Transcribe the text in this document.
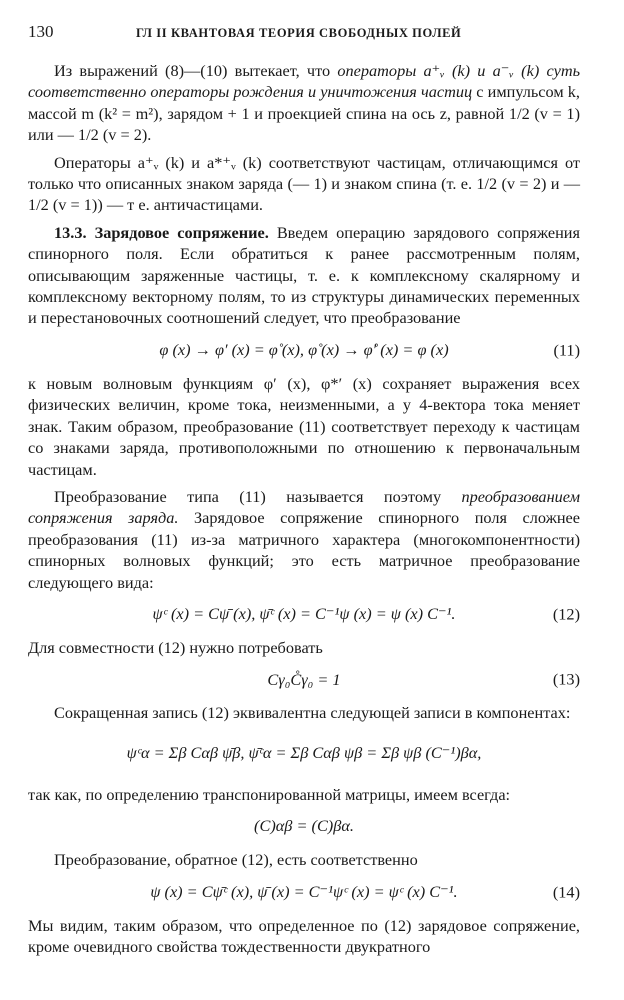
130	ГЛ II КВАНТОВАЯ ТЕОРИЯ СВОБОДНЫХ ПОЛЕЙ

Из выражений (8)—(10) вытекает, что операторы a⁺ᵥ (k) и a⁻ᵥ (k) суть соответственно операторы рождения и уничтожения частиц с импульсом k, массой m (k² = m²), зарядом + 1 и проекцией спина на ось z, равной 1/2 (v = 1) или — 1/2 (v = 2).

Операторы a⁺ᵥ (k) и a*⁺ᵥ (k) соответствуют частицам, отличающимся от только что описанных знаком заряда (— 1) и знаком спина (т. е. 1/2 (v = 2) и — 1/2 (v = 1)) — т е. античастицами.

13.3. Зарядовое сопряжение. Введем операцию зарядового сопряжения спинорного поля. Если обратиться к ранее рассмотренным полям, описывающим заряженные частицы, т. е. к комплексному скалярному и комплексному векторному полям, то из структуры динамических переменных и перестановочных соотношений следует, что преобразование

φ (x) → φ′ (x) = φ̊ (x), φ̊ (x) → φ̊′ (x) = φ (x)	(11)

к новым волновым функциям φ′ (x), φ*′ (x) сохраняет выражения всех физических величин, кроме тока, неизменными, а у 4-вектора тока меняет знак. Таким образом, преобразование (11) соответствует переходу к частицам со знаками заряда, противоположными по отношению к первоначальным частицам.

Преобразование типа (11) называется поэтому преобразованием сопряжения заряда. Зарядовое сопряжение спинорного поля сложнее преобразования (11) из-за матричного характера (многокомпонентности) спинорных волновых функций; это есть матричное преобразование следующего вида:

ψᶜ (x) = Cψ̄ (x), ψ̄ᶜ (x) = C⁻¹ψ (x) = ψ (x) C⁻¹.	(12)

Для совместности (12) нужно потребовать

Cγ₀C̊γ₀ = 1	(13)

Сокращенная запись (12) эквивалентна следующей записи в компонентах:

ψᶜα = Σβ Cαβ ψ̄β, ψ̄ᶜα = Σβ Cαβ ψβ = Σβ ψβ (C⁻¹)βα,

так как, по определению транспонированной матрицы, имеем всегда:

(C)αβ = (C)βα.

Преобразование, обратное (12), есть соответственно

ψ (x) = Cψ̄ᶜ (x), ψ̄ (x) = C⁻¹ψᶜ (x) = ψᶜ (x) C⁻¹.	(14)

Мы видим, таким образом, что определенное по (12) зарядовое сопряжение, кроме очевидного свойства тождественности двукратного
